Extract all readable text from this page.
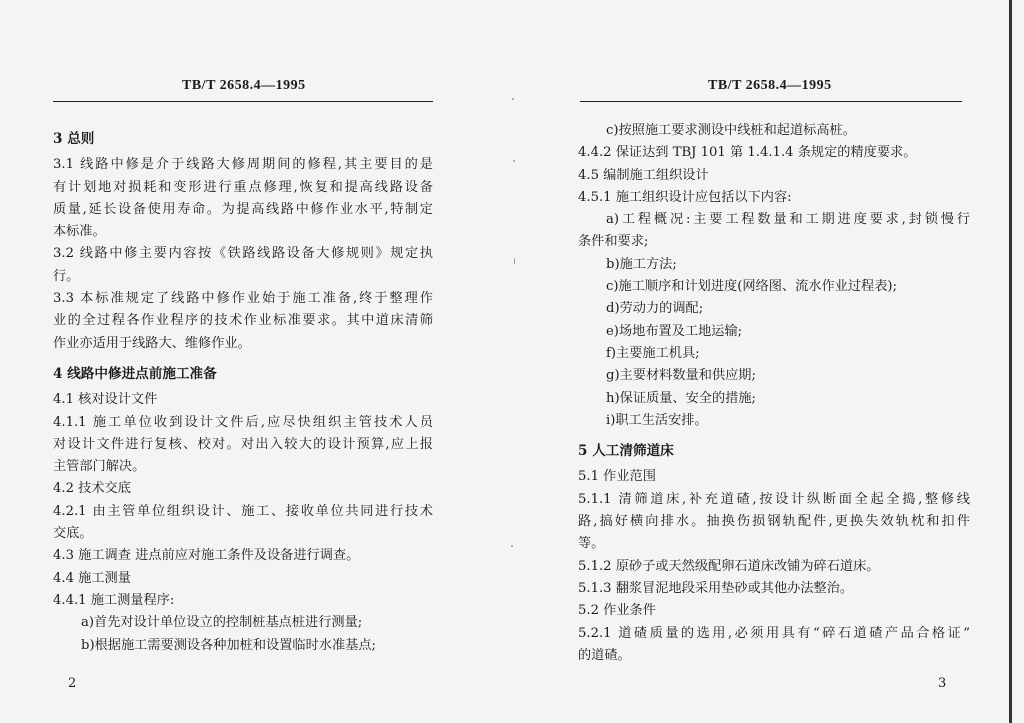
TB/T 2658.4—1995
3 总则
3.1 线路中修是介于线路大修周期间的修程,其主要目的是
有计划地对损耗和变形进行重点修理,恢复和提高线路设备
质量,延长设备使用寿命。为提高线路中修作业水平,特制定
本标准。
3.2 线路中修主要内容按《铁路线路设备大修规则》规定执
行。
3.3 本标准规定了线路中修作业始于施工准备,终于整理作
业的全过程各作业程序的技术作业标准要求。其中道床清筛
作业亦适用于线路大、维修作业。
4 线路中修进点前施工准备
4.1 核对设计文件
4.1.1 施工单位收到设计文件后,应尽快组织主管技术人员
对设计文件进行复核、校对。对出入较大的设计预算,应上报
主管部门解决。
4.2 技术交底
4.2.1 由主管单位组织设计、施工、接收单位共同进行技术
交底。
4.3 施工调查 进点前应对施工条件及设备进行调查。
4.4 施工测量
4.4.1 施工测量程序:
a)首先对设计单位设立的控制桩基点桩进行测量;
b)根据施工需要测设各种加桩和设置临时水准基点;
2
TB/T 2658.4—1995
c)按照施工要求测设中线桩和起道标高桩。
4.4.2 保证达到 TBJ 101 第 1.4.1.4 条规定的精度要求。
4.5 编制施工组织设计
4.5.1 施工组织设计应包括以下内容:
a)工程概况:主要工程数量和工期进度要求,封锁慢行
条件和要求;
b)施工方法;
c)施工顺序和计划进度(网络图、流水作业过程表);
d)劳动力的调配;
e)场地布置及工地运输;
f)主要施工机具;
g)主要材料数量和供应期;
h)保证质量、安全的措施;
i)职工生活安排。
5 人工清筛道床
5.1 作业范围
5.1.1 清筛道床,补充道碴,按设计纵断面全起全捣,整修线
路,搞好横向排水。抽换伤损钢轨配件,更换失效轨枕和扣件
等。
5.1.2 原砂子或天然级配卵石道床改铺为碎石道床。
5.1.3 翻浆冒泥地段采用垫砂或其他办法整治。
5.2 作业条件
5.2.1 道碴质量的选用,必须用具有“碎石道碴产品合格证”
的道碴。
3
